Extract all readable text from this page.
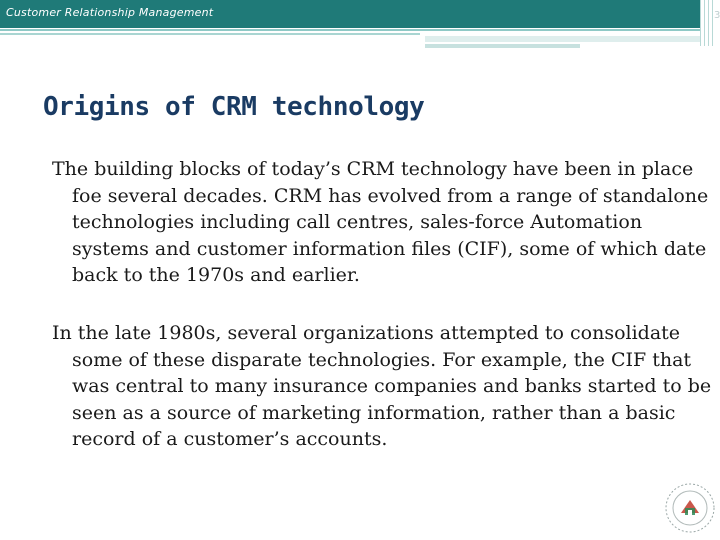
Customer Relationship Management	3
Origins of CRM technology

The building blocks of today’s CRM technology have been in place foe several decades. CRM has evolved from a range of standalone technologies including call centres, sales-force Automation systems and customer information files (CIF), some of which date back to the 1970s and earlier.

In the late 1980s, several organizations attempted to consolidate some of these disparate technologies. For example, the CIF that was central to many insurance companies and banks started to be seen as a source of marketing information, rather than a basic record of a customer’s accounts.
